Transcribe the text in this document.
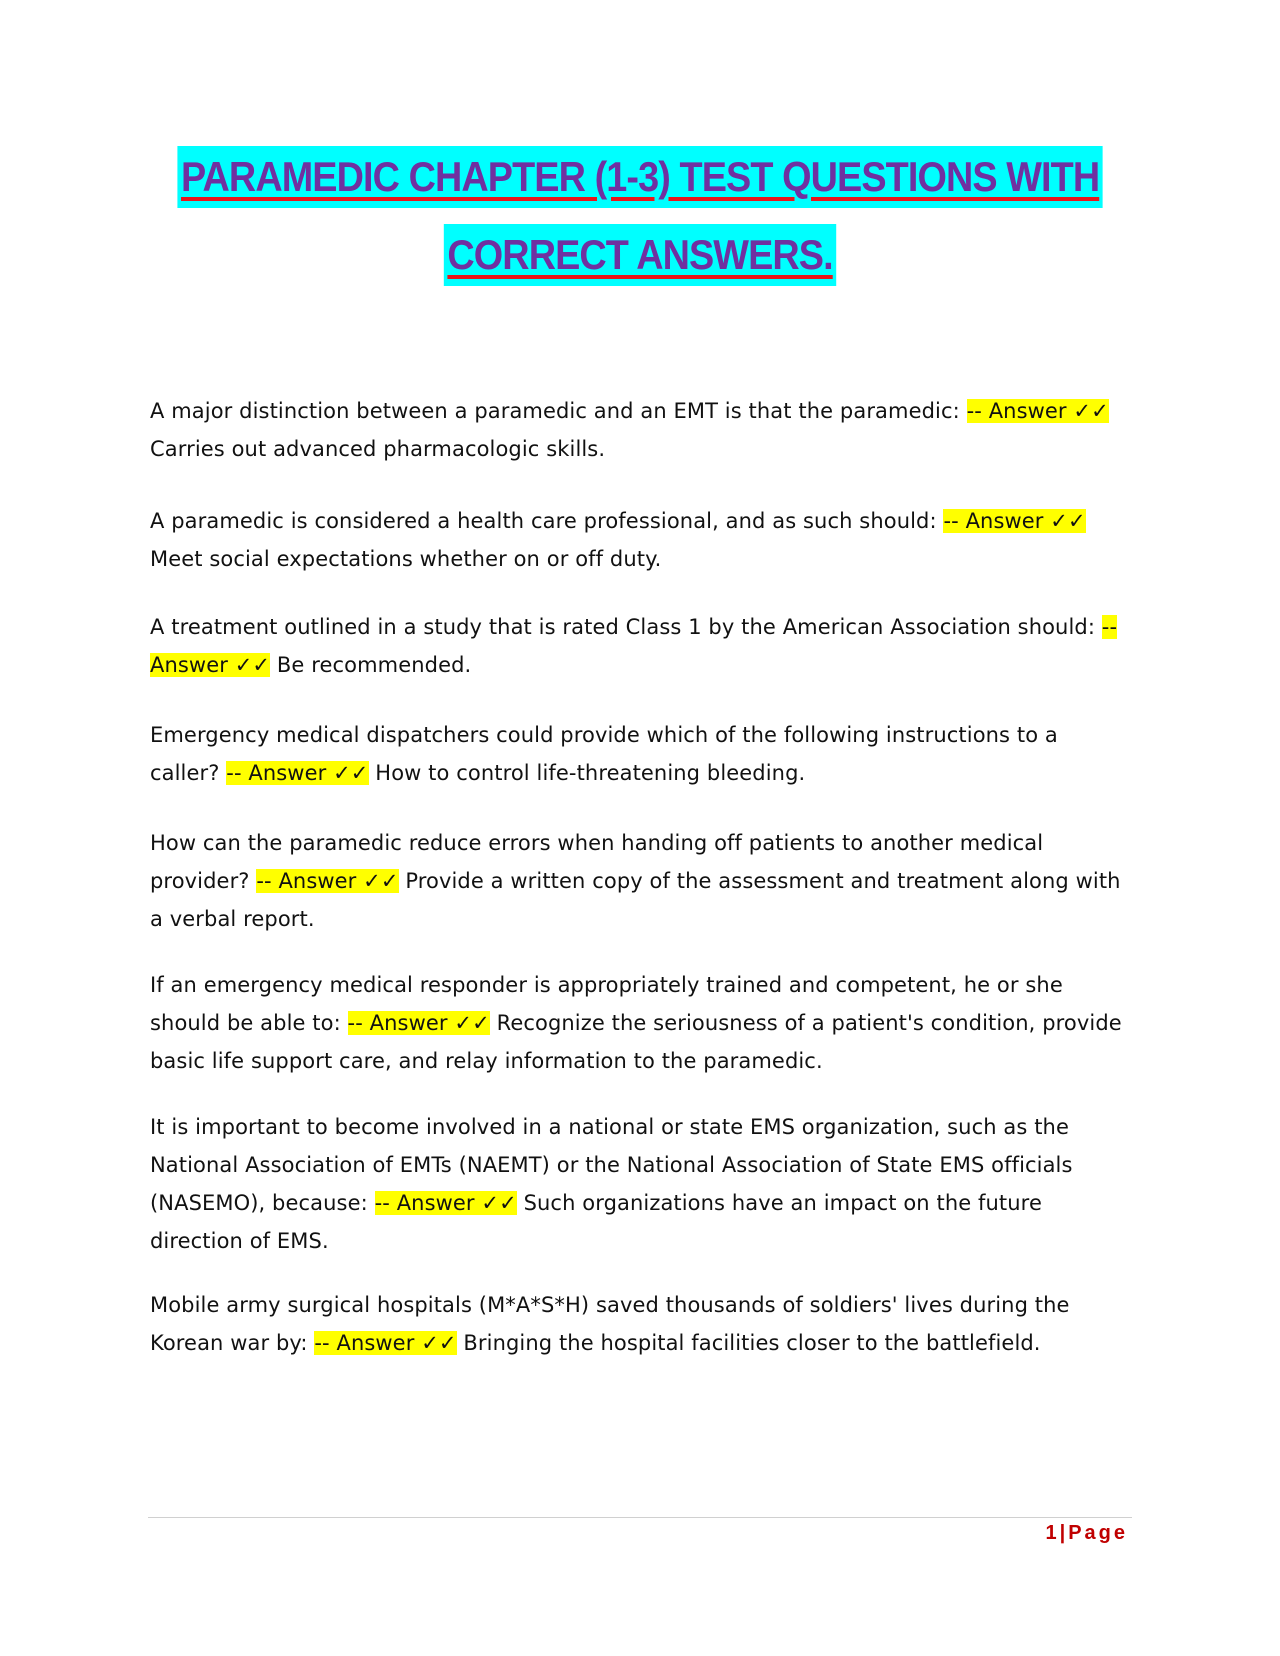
PARAMEDIC CHAPTER (1-3) TEST QUESTIONS WITH
CORRECT ANSWERS.

A major distinction between a paramedic and an EMT is that the paramedic: -- Answer ✓✓ Carries out advanced pharmacologic skills.

A paramedic is considered a health care professional, and as such should: -- Answer ✓✓ Meet social expectations whether on or off duty.

A treatment outlined in a study that is rated Class 1 by the American Association should: -- Answer ✓✓ Be recommended.

Emergency medical dispatchers could provide which of the following instructions to a caller? -- Answer ✓✓ How to control life-threatening bleeding.

How can the paramedic reduce errors when handing off patients to another medical provider? -- Answer ✓✓ Provide a written copy of the assessment and treatment along with a verbal report.

If an emergency medical responder is appropriately trained and competent, he or she should be able to: -- Answer ✓✓ Recognize the seriousness of a patient's condition, provide basic life support care, and relay information to the paramedic.

It is important to become involved in a national or state EMS organization, such as the National Association of EMTs (NAEMT) or the National Association of State EMS officials (NASEMO), because: -- Answer ✓✓ Such organizations have an impact on the future direction of EMS.

Mobile army surgical hospitals (M*A*S*H) saved thousands of soldiers' lives during the Korean war by: -- Answer ✓✓ Bringing the hospital facilities closer to the battlefield.

1|Page
